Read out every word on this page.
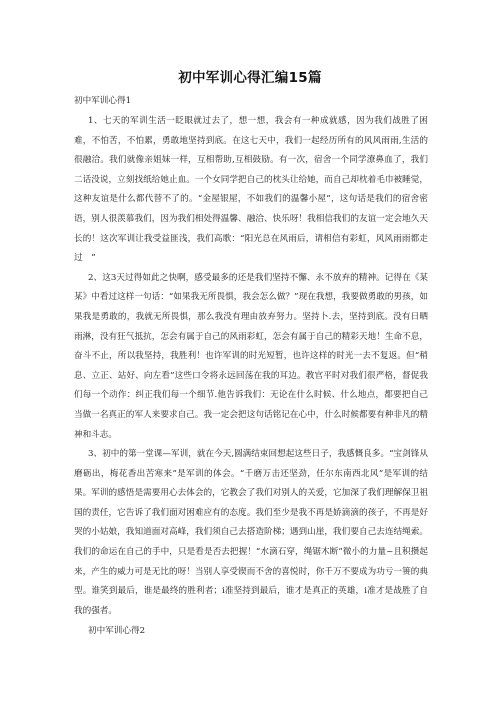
初中军训心得汇编15篇
初中军训心得1

1、七天的军训生活一眨眼就过去了，想一想，我会有一种成就感，因为我们战胜了困难，不怕苦，不怕累，勇敢地坚持到底。在这七天中，我们一起经历所有的风风雨雨,生活的很融洽。我们就像亲姐妹一样，互相帮助,互相鼓励。有一次，宿舍一个同学潦鼻血了，我们二话没说，立刻找纸给她止血。一个女同学把自己的枕头让给她，而自己却枕着毛巾被睡觉，这种友谊是什么都代替不了的。“金屋银屋，不如我们的温馨小屋”，这句话是我们的宿舍密语，别人很羡慕我们，因为我们相处得温馨、融洽、快乐呀！我相信我们的友谊一定会地久天长的！这次军训让我受益匪浅，我们高歌：“阳光总在风雨后，请相信有彩虹，风风雨雨都走过　”

2、这3天过得如此之快啊，感受最多的还是我们坚持不懈、永不放弃的精神。记得在《某某》中看过这样一句话：“如果我无所畏惧，我会怎么做？”现在我想，我要做勇敢的男孩，如果我是勇敢的，我就无所畏惧，那么我没有理由放弃努力。坚持卜.去，坚持到底。没有日晒雨淋，没有狂气抵抗，怎会有属于自己的风雨彩虹，怎会有属于自己的精彩天地！生命不息，奋斗不止，所以我坚持，我胜利！也许军训的时光短暂，也许这样的时光一去不复返。但“稍息、立正、站好、向左看”这些口令将永远回荡在我的耳边。教官平时对我们很严格，督促我们每一个动作：纠正我们每一个细节.他告诉我们：无论在什么时候、什么地点，都要把自己当做一名真正的军人来要求自己。我一定会把这句话铭记在心中，什么时候都要有种非凡的精神和斗志。

3、初中的第一堂课—军训，就在今天,圆满结束回想起这些日子，我感慨良多。“宝剑锋从磨砺出，梅花香出苦寒来”是军训的体会。“千磨万击还坚劲，任尔东南西北风”是军训的结果。军训的感悟是需要用心去体会的，它教会了我们对别人的关爱，它加深了我们理解保卫祖国的责任，它告诉了我们面对困难应有的态度。我们至少是我不再是娇滴滴的孩子，不再是好哭的小姑娘，我知道面对高峰，我们须自己去搭造阶梯；遇到山崖，我们要自己去连结绳索。我们的命运在自己的手中，只是看是否去把握！“水滴石穿，绳锯木断”微小的力量~且积攒起来，产生的威力可是无比的呀！当别人享受锲而不舍的喜悦时，你千万不要成为功亏一篑的典型。谁笑到最后，谁是最终的胜利者；i准坚持到最后，谁才是真正的英雄，i准才是战胜了自我的强者。

初中军训心得2
